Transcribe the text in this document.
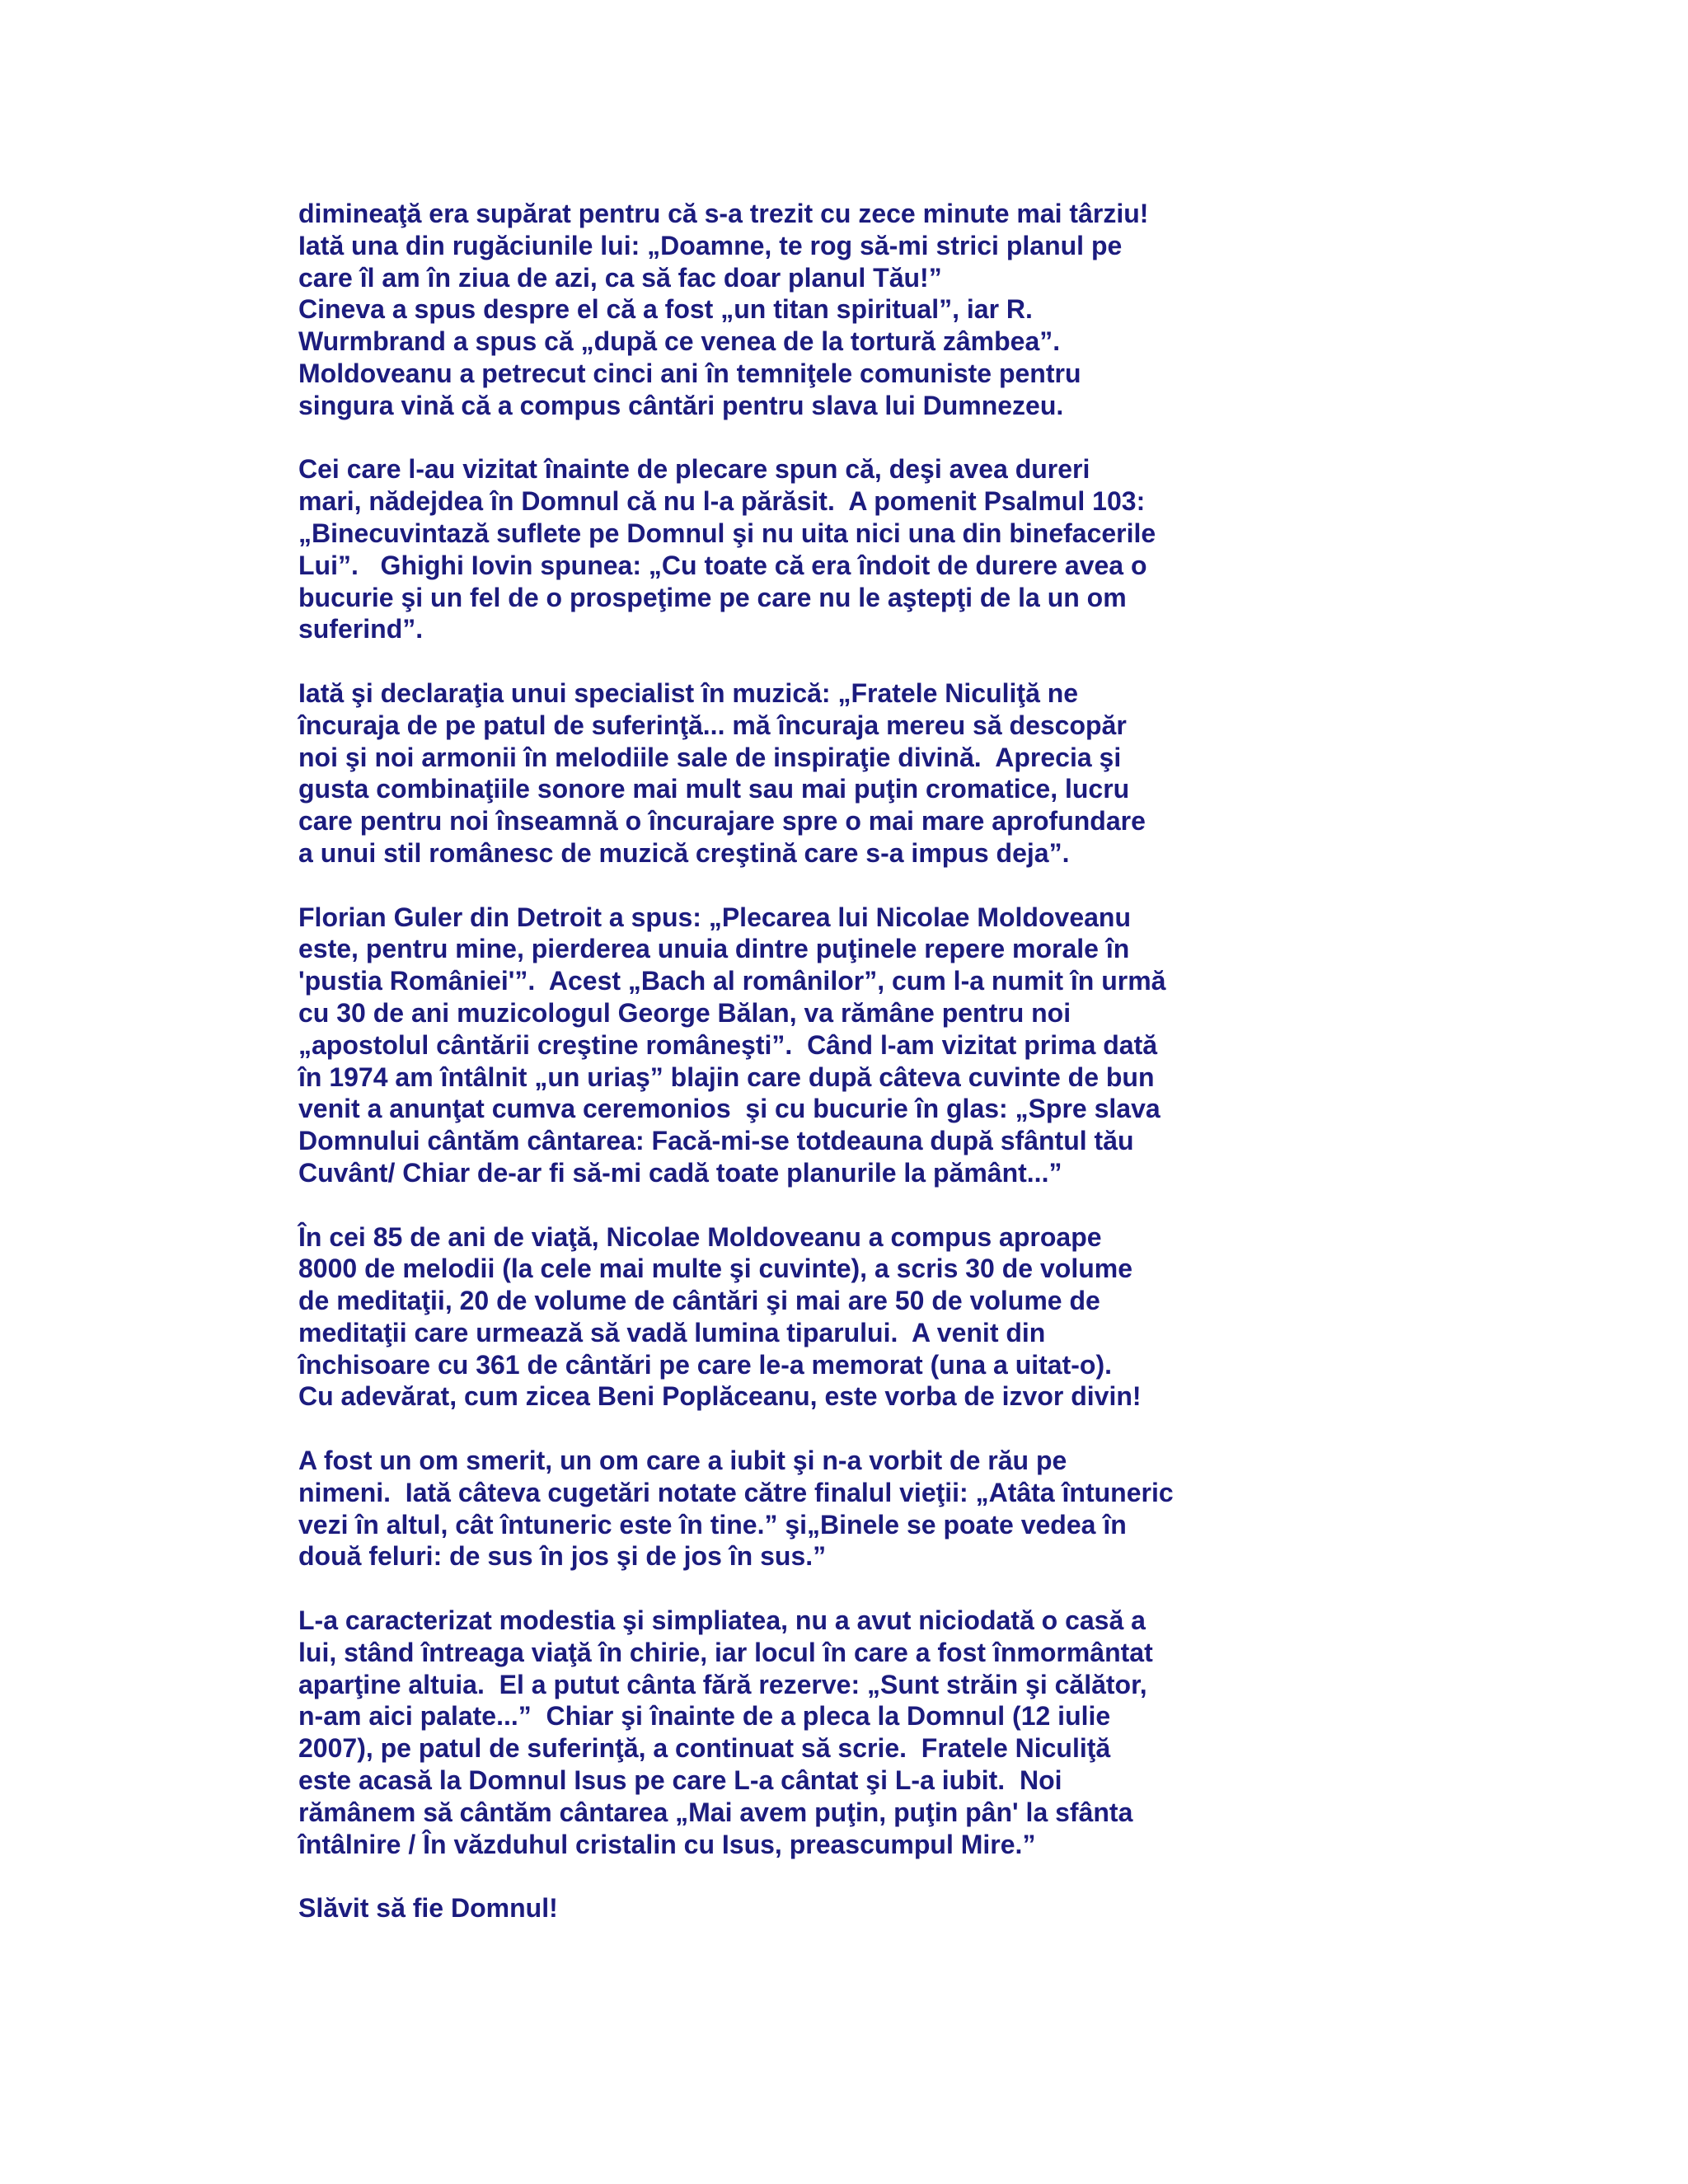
dimineaţă era supărat pentru că s-a trezit cu zece minute mai târziu!
Iată una din rugăciunile lui: „Doamne, te rog să-mi strici planul pe
care îl am în ziua de azi, ca să fac doar planul Tău!”
Cineva a spus despre el că a fost „un titan spiritual”, iar R.
Wurmbrand a spus că „după ce venea de la tortură zâmbea”.
Moldoveanu a petrecut cinci ani în temniţele comuniste pentru
singura vină că a compus cântări pentru slava lui Dumnezeu.
Cei care l-au vizitat înainte de plecare spun că, deşi avea dureri
mari, nădejdea în Domnul că nu l-a părăsit.  A pomenit Psalmul 103:
„Binecuvintază suflete pe Domnul şi nu uita nici una din binefacerile
Lui”.   Ghighi Iovin spunea: „Cu toate că era îndoit de durere avea o
bucurie şi un fel de o prospeţime pe care nu le aştepţi de la un om
suferind”.
Iată şi declaraţia unui specialist în muzică: „Fratele Niculiţă ne
încuraja de pe patul de suferinţă... mă încuraja mereu să descopăr
noi şi noi armonii în melodiile sale de inspiraţie divină.  Aprecia şi
gusta combinaţiile sonore mai mult sau mai puţin cromatice, lucru
care pentru noi înseamnă o încurajare spre o mai mare aprofundare
a unui stil românesc de muzică creştină care s-a impus deja”.
Florian Guler din Detroit a spus: „Plecarea lui Nicolae Moldoveanu
este, pentru mine, pierderea unuia dintre puţinele repere morale în
'pustia României'”.  Acest „Bach al românilor”, cum l-a numit în urmă
cu 30 de ani muzicologul George Bălan, va rămâne pentru noi
„apostolul cântării creştine româneşti”.  Când l-am vizitat prima dată
în 1974 am întâlnit „un uriaş” blajin care după câteva cuvinte de bun
venit a anunţat cumva ceremonios  şi cu bucurie în glas: „Spre slava
Domnului cântăm cântarea: Facă-mi-se totdeauna după sfântul tău
Cuvânt/ Chiar de-ar fi să-mi cadă toate planurile la pământ...”
În cei 85 de ani de viaţă, Nicolae Moldoveanu a compus aproape
8000 de melodii (la cele mai multe şi cuvinte), a scris 30 de volume
de meditaţii, 20 de volume de cântări şi mai are 50 de volume de
meditaţii care urmează să vadă lumina tiparului.  A venit din
închisoare cu 361 de cântări pe care le-a memorat (una a uitat-o).
Cu adevărat, cum zicea Beni Poplăceanu, este vorba de izvor divin!
A fost un om smerit, un om care a iubit şi n-a vorbit de rău pe
nimeni.  Iată câteva cugetări notate către finalul vieţii: „Atâta întuneric
vezi în altul, cât întuneric este în tine.” şi„Binele se poate vedea în
două feluri: de sus în jos şi de jos în sus.”
L-a caracterizat modestia şi simpliatea, nu a avut niciodată o casă a
lui, stând întreaga viaţă în chirie, iar locul în care a fost înmormântat
aparţine altuia.  El a putut cânta fără rezerve: „Sunt străin şi călător,
n-am aici palate...”  Chiar şi înainte de a pleca la Domnul (12 iulie
2007), pe patul de suferinţă, a continuat să scrie.  Fratele Niculiţă
este acasă la Domnul Isus pe care L-a cântat şi L-a iubit.  Noi
rămânem să cântăm cântarea „Mai avem puţin, puţin pân' la sfânta
întâlnire / În văzduhul cristalin cu Isus, preascumpul Mire.”
Slăvit să fie Domnul!
